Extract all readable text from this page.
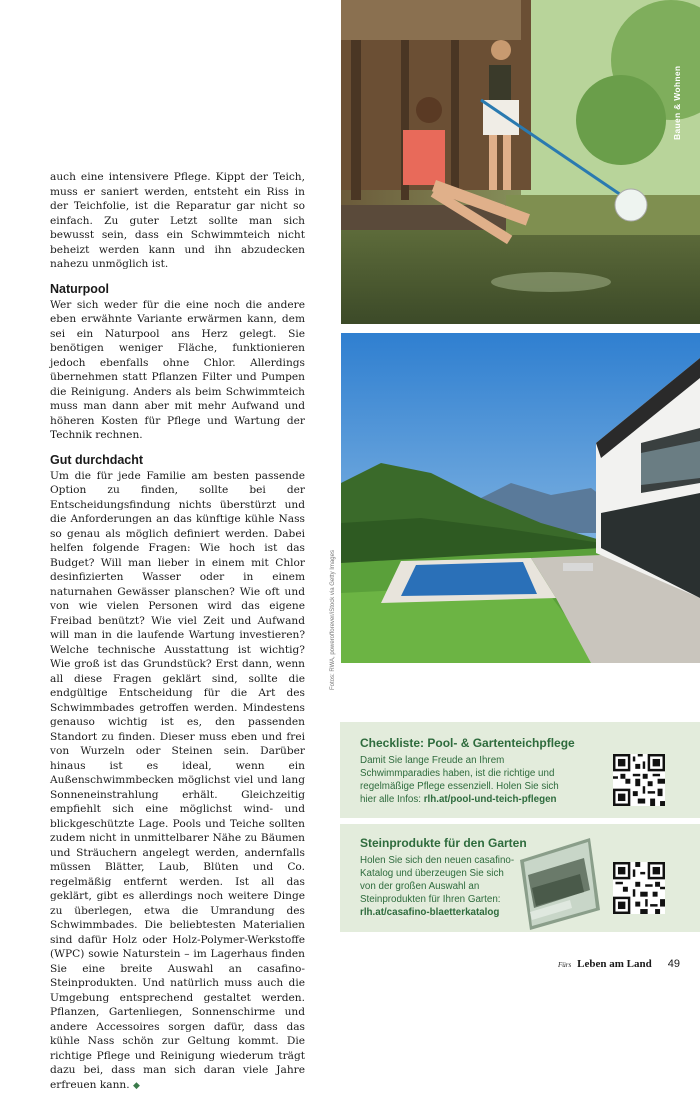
auch eine intensivere Pflege. Kippt der Teich, muss er saniert werden, entsteht ein Riss in der Teichfolie, ist die Reparatur gar nicht so einfach. Zu guter Letzt sollte man sich bewusst sein, dass ein Schwimmteich nicht beheizt werden kann und ihn abzudecken nahezu unmöglich ist.

Naturpool

Wer sich weder für die eine noch die andere eben erwähnte Variante erwärmen kann, dem sei ein Naturpool ans Herz gelegt. Sie benötigen weniger Fläche, funktionieren jedoch ebenfalls ohne Chlor. Allerdings übernehmen statt Pflanzen Filter und Pumpen die Reinigung. Anders als beim Schwimmteich muss man dann aber mit mehr Aufwand und höheren Kosten für Pflege und Wartung der Technik rechnen.

Gut durchdacht

Um die für jede Familie am besten passende Option zu finden, sollte bei der Entscheidungsfindung nichts überstürzt und die Anforderungen an das künftige kühle Nass so genau als möglich definiert werden. Dabei helfen folgende Fragen: Wie hoch ist das Budget? Will man lieber in einem mit Chlor desinfizierten Wasser oder in einem naturnahen Gewässer planschen? Wie oft und von wie vielen Personen wird das eigene Freibad benützt? Wie viel Zeit und Aufwand will man in die laufende Wartung investieren? Welche technische Ausstattung ist wichtig? Wie groß ist das Grundstück? Erst dann, wenn all diese Fragen geklärt sind, sollte die endgültige Entscheidung für die Art des Schwimmbades getroffen werden. Mindestens genauso wichtig ist es, den passenden Standort zu finden. Dieser muss eben und frei von Wurzeln oder Steinen sein. Darüber hinaus ist es ideal, wenn ein Außenschwimmbecken möglichst viel und lang Sonneneinstrahlung erhält. Gleichzeitig empfiehlt sich eine möglichst wind- und blickgeschützte Lage. Pools und Teiche sollten zudem nicht in unmittelbarer Nähe zu Bäumen und Sträuchern angelegt werden, andernfalls müssen Blätter, Laub, Blüten und Co. regelmäßig entfernt werden. Ist all das geklärt, gibt es allerdings noch weitere Dinge zu überlegen, etwa die Umrandung des Schwimmbades. Die beliebtesten Materialien sind dafür Holz oder Holz-Polymer-Werkstoffe (WPC) sowie Naturstein – im Lagerhaus finden Sie eine breite Auswahl an casafino-Steinprodukten. Und natürlich muss auch die Umgebung entsprechend gestaltet werden. Pflanzen, Gartenliegen, Sonnenschirme und andere Accessoires sorgen dafür, dass das kühle Nass schön zur Geltung kommt. Die richtige Pflege und Reinigung wiederum trägt dazu bei, dass man sich daran viele Jahre erfreuen kann. ◆

Bauen & Wohnen
Fotos: RWA, powerofforever/iStock via Getty Images
Checkliste: Pool- & Gartenteichpflege
Damit Sie lange Freude an Ihrem Schwimmparadies haben, ist die richtige und regelmäßige Pflege essenziell. Holen Sie sich hier alle Infos: rlh.at/pool-und-teich-pflegen
Steinprodukte für den Garten
Holen Sie sich den neuen casafino-Katalog und überzeugen Sie sich von der großen Auswahl an Steinprodukten für Ihren Garten: rlh.at/casafino-blaetterkatalog
Fürs Leben am Land 49
